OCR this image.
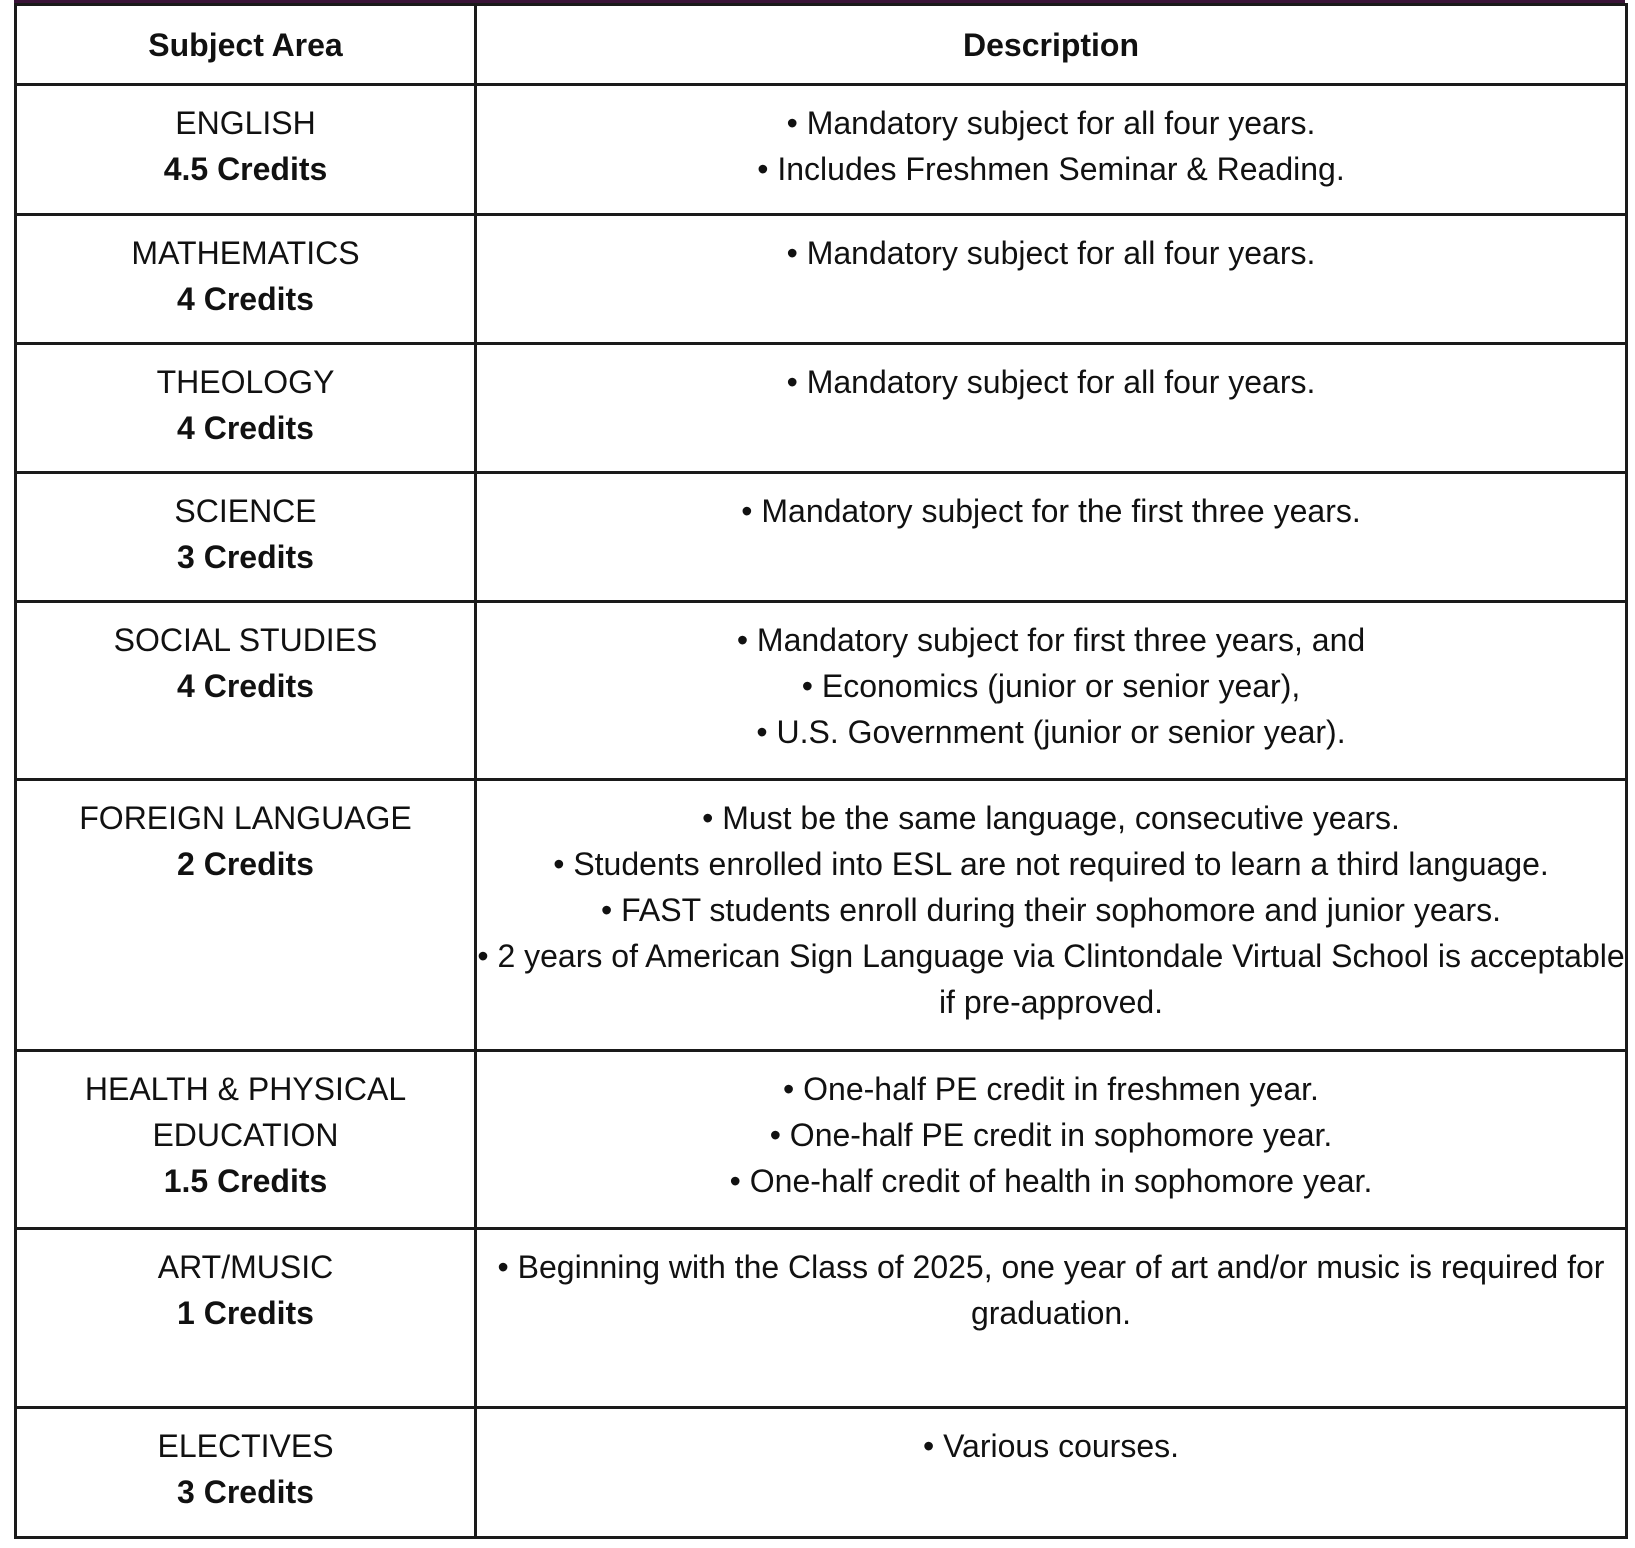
Subject Area	Description

ENGLISH
4.5 Credits	• Mandatory subject for all four years.
• Includes Freshmen Seminar & Reading.

MATHEMATICS
4 Credits	• Mandatory subject for all four years.

THEOLOGY
4 Credits	• Mandatory subject for all four years.

SCIENCE
3 Credits	• Mandatory subject for the first three years.

SOCIAL STUDIES
4 Credits	• Mandatory subject for first three years, and
• Economics (junior or senior year),
• U.S. Government (junior or senior year).

FOREIGN LANGUAGE
2 Credits	• Must be the same language, consecutive years.
• Students enrolled into ESL are not required to learn a third language.
• FAST students enroll during their sophomore and junior years.
• 2 years of American Sign Language via Clintondale Virtual School is acceptable if pre-approved.

HEALTH & PHYSICAL
EDUCATION
1.5 Credits	• One-half PE credit in freshmen year.
• One-half PE credit in sophomore year.
• One-half credit of health in sophomore year.

ART/MUSIC
1 Credits	• Beginning with the Class of 2025, one year of art and/or music is required for graduation.

ELECTIVES
3 Credits	• Various courses.
